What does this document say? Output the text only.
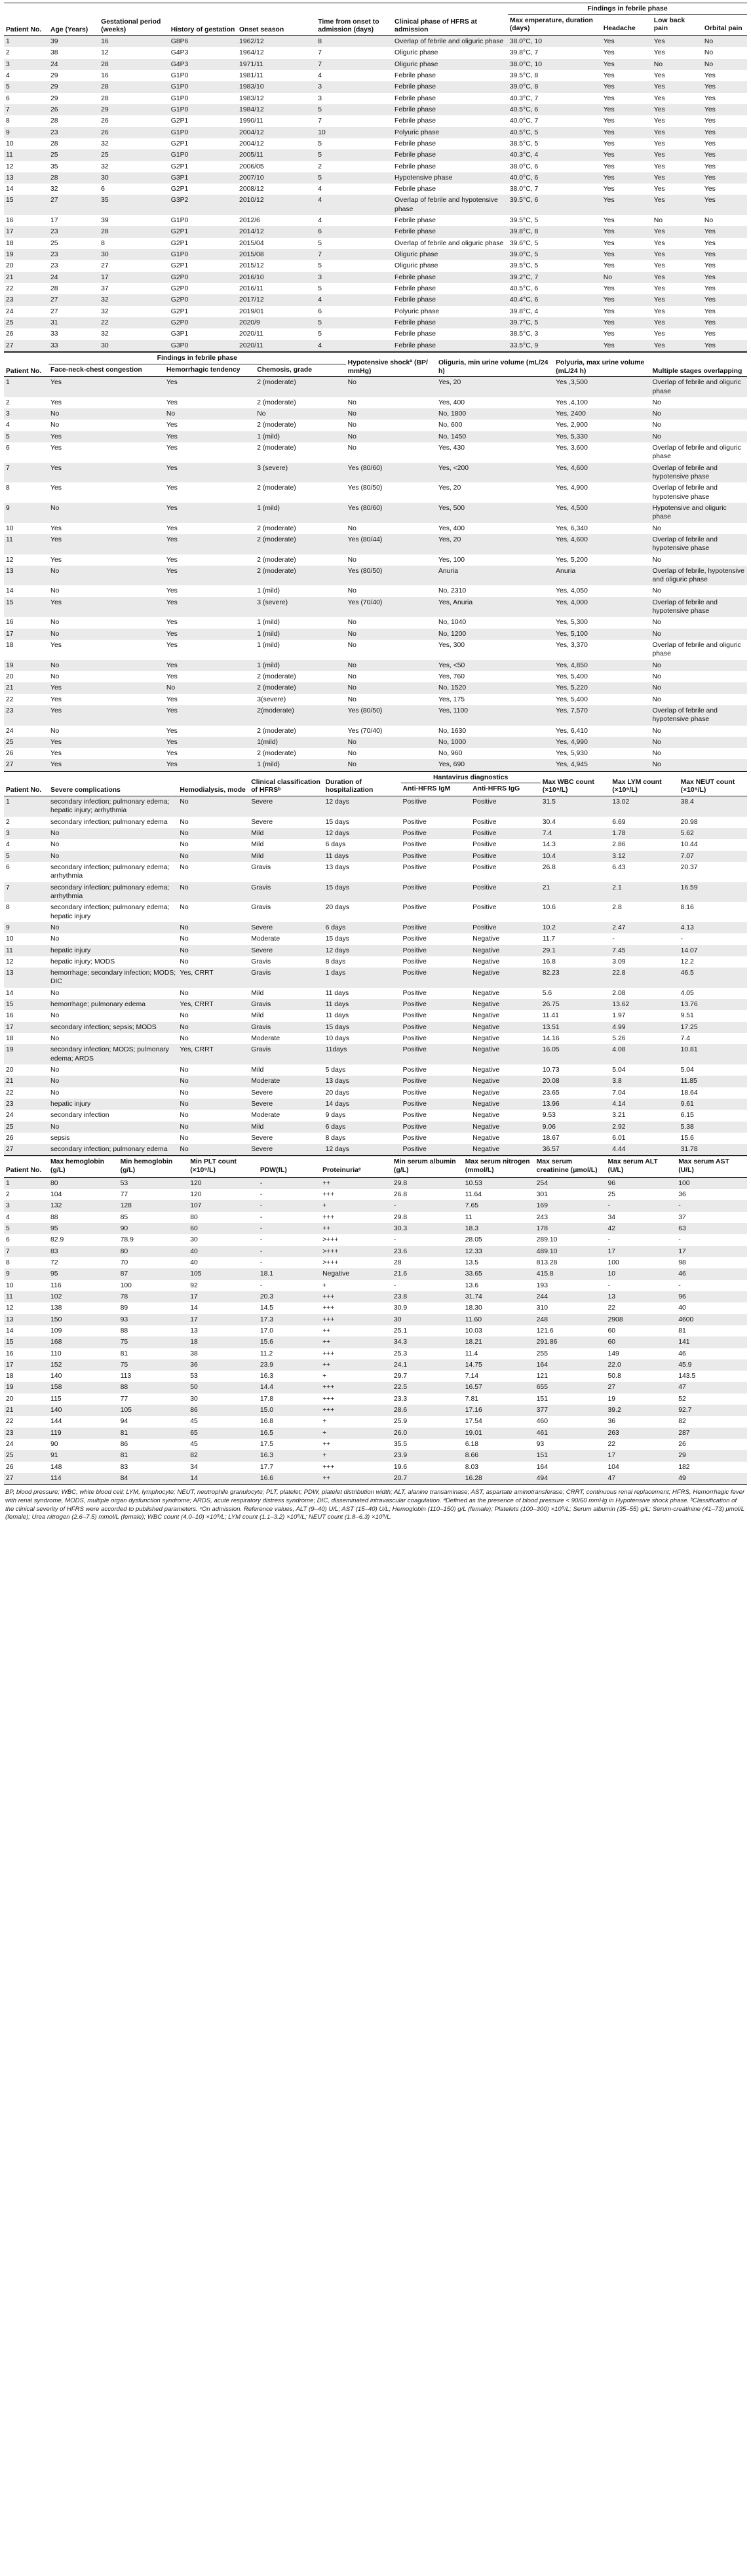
Patient No.	Age (Years)	Gestational period (weeks)	History of gestation	Onset season	Time from onset to admission (days)	Clinical phase of HFRS at admission	Findings in febrile phase			
							Max emperature, duration (days)	Headache	Low back pain	Orbital pain
1	39	16	G8P6	1962/12	8	Overlap of febrile and oliguric phase	38.0°C, 10	Yes	Yes	No
2	38	12	G4P3	1964/12	7	Oliguric phase	39.8°C, 7	Yes	Yes	No
3	24	28	G4P3	1971/11	7	Oliguric phase	38.0°C, 10	Yes	No	No
4	29	16	G1P0	1981/11	4	Febrile phase	39.5°C, 8	Yes	Yes	Yes
5	29	28	G1P0	1983/10	3	Febrile phase	39.0°C, 8	Yes	Yes	Yes
6	29	28	G1P0	1983/12	3	Febrile phase	40.3°C, 7	Yes	Yes	Yes
7	26	29	G1P0	1984/12	5	Febrile phase	40.5°C, 6	Yes	Yes	Yes
8	28	26	G2P1	1990/11	7	Febrile phase	40.0°C, 7	Yes	Yes	Yes
9	23	26	G1P0	2004/12	10	Polyuric phase	40.5°C, 5	Yes	Yes	Yes
10	28	32	G2P1	2004/12	5	Febrile phase	38.5°C, 5	Yes	Yes	Yes
11	25	25	G1P0	2005/11	5	Febrile phase	40.3°C, 4	Yes	Yes	Yes
12	35	32	G2P1	2006/05	2	Febrile phase	38.0°C, 6	Yes	Yes	Yes
13	28	30	G3P1	2007/10	5	Hypotensive phase	40.0°C, 6	Yes	Yes	Yes
14	32	6	G2P1	2008/12	4	Febrile phase	38.0°C, 7	Yes	Yes	Yes
15	27	35	G3P2	2010/12	4	Overlap of febrile and hypotensive phase	39.5°C, 6	Yes	Yes	Yes
16	17	39	G1P0	2012/6	4	Febrile phase	39.5°C, 5	Yes	No	No
17	23	28	G2P1	2014/12	6	Febrile phase	39.8°C, 8	Yes	Yes	Yes
18	25	8	G2P1	2015/04	5	Overlap of febrile and oliguric phase	39.6°C, 5	Yes	Yes	Yes
19	23	30	G1P0	2015/08	7	Oliguric phase	39.0°C, 5	Yes	Yes	Yes
20	23	27	G2P1	2015/12	5	Oliguric phase	39.5°C, 5	Yes	Yes	Yes
21	24	17	G2P0	2016/10	3	Febrile phase	39.2°C, 7	No	Yes	Yes
22	28	37	G2P0	2016/11	5	Febrile phase	40.5°C, 6	Yes	Yes	Yes
23	27	32	G2P0	2017/12	4	Febrile phase	40.4°C, 6	Yes	Yes	Yes
24	27	32	G2P1	2019/01	6	Polyuric phase	39.8°C, 4	Yes	Yes	Yes
25	31	22	G2P0	2020/9	5	Febrile phase	39.7°C, 5	Yes	Yes	Yes
26	33	32	G3P1	2020/11	5	Febrile phase	38.5°C, 3	Yes	Yes	Yes
27	33	30	G3P0	2020/11	4	Febrile phase	33.5°C, 9	Yes	Yes	Yes
Patient No.	Findings in febrile phase			Hypotensive shockª (BP/ mmHg)	Oliguria, min urine volume (mL/24 h)	Polyuria, max urine volume (mL/24 h)	Multiple stages overlapping
	Face-neck-chest congestion	Hemorrhagic tendency	Chemosis, grade				
1	Yes	Yes	2 (moderate)	No	Yes, 20	Yes ,3,500	Overlap of febrile and oliguric phase
2	Yes	Yes	2 (moderate)	No	Yes, 400	Yes ,4,100	No
3	No	No	No	No	No, 1800	Yes, 2400	No
4	No	Yes	2 (moderate)	No	No, 600	Yes, 2,900	No
5	Yes	Yes	1 (mild)	No	No, 1450	Yes, 5,330	No
6	Yes	Yes	2 (moderate)	No	Yes, 430	Yes, 3,600	Overlap of febrile and oliguric phase
7	Yes	Yes	3 (severe)	Yes (80/60)	Yes, <200	Yes, 4,600	Overlap of febrile and hypotensive phase
8	Yes	Yes	2 (moderate)	Yes (80/50)	Yes, 20	Yes, 4,900	Overlap of febrile and hypotensive phase
9	No	Yes	1 (mild)	Yes (80/60)	Yes, 500	Yes, 4,500	Hypotensive and oliguric phase
10	Yes	Yes	2 (moderate)	No	Yes, 400	Yes, 6,340	No
11	Yes	Yes	2 (moderate)	Yes (80/44)	Yes, 20	Yes, 4,600	Overlap of febrile and hypotensive phase
12	Yes	Yes	2 (moderate)	No	Yes, 100	Yes, 5,200	No
13	No	Yes	2 (moderate)	Yes (80/50)	Anuria	Anuria	Overlap of febrile, hypotensive and oliguric phase
14	No	Yes	1 (mild)	No	No, 2310	Yes, 4,050	No
15	Yes	Yes	3 (severe)	Yes (70/40)	Yes, Anuria	Yes, 4,000	Overlap of febrile and hypotensive phase
16	No	Yes	1 (mild)	No	No, 1040	Yes, 5,300	No
17	No	Yes	1 (mild)	No	No, 1200	Yes, 5,100	No
18	Yes	Yes	1 (mild)	No	Yes, 300	Yes, 3,370	Overlap of febrile and oliguric phase
19	No	Yes	1 (mild)	No	Yes, <50	Yes, 4,850	No
20	No	Yes	2 (moderate)	No	Yes, 760	Yes, 5,400	No
21	Yes	No	2 (moderate)	No	No, 1520	Yes, 5,220	No
22	Yes	Yes	3(severe)	No	Yes, 175	Yes, 5,400	No
23	Yes	Yes	2(moderate)	Yes (80/50)	Yes, 1100	Yes, 7,570	Overlap of febrile and hypotensive phase
24	No	Yes	2 (moderate)	Yes (70/40)	No, 1630	Yes, 6,410	No
25	Yes	Yes	1(mild)	No	No, 1000	Yes, 4,990	No
26	Yes	Yes	2 (moderate)	No	No, 960	Yes, 5,930	No
27	Yes	Yes	1 (mild)	No	Yes, 690	Yes, 4,945	No
Patient No.	Severe complications	Hemodialysis, mode	Clinical classification of HFRSᵇ	Duration of hospitalization	Hantavirus diagnostics		Max WBC count (×10⁹/L)	Max LYM count (×10⁹/L)	Max NEUT count (×10⁹/L)
					Anti-HFRS IgM	Anti-HFRS IgG			
1	secondary infection; pulmonary edema; hepatic injury; arrhythmia	No	Severe	12 days	Positive	Positive	31.5	13.02	38.4
2	secondary infection; pulmonary edema	No	Severe	15 days	Positive	Positive	30.4	6.69	20.98
3	No	No	Mild	12 days	Positive	Positive	7.4	1.78	5.62
4	No	No	Mild	6 days	Positive	Positive	14.3	2.86	10.44
5	No	No	Mild	11 days	Positive	Positive	10.4	3.12	7.07
6	secondary infection; pulmonary edema; arrhythmia	No	Gravis	13 days	Positive	Positive	26.8	6.43	20.37
7	secondary infection; pulmonary edema; arrhythmia	No	Gravis	15 days	Positive	Positive	21	2.1	16.59
8	secondary infection; pulmonary edema; hepatic injury	No	Gravis	20 days	Positive	Positive	10.6	2.8	8.16
9	No	No	Severe	6 days	Positive	Positive	10.2	2.47	4.13
10	No	No	Moderate	15 days	Positive	Negative	11.7	-	-
11	hepatic injury	No	Severe	12 days	Positive	Negative	29.1	7.45	14.07
12	hepatic injury; MODS	No	Gravis	8 days	Positive	Negative	16.8	3.09	12.2
13	hemorrhage; secondary infection; MODS; DIC	Yes, CRRT	Gravis	1 days	Positive	Negative	82.23	22.8	46.5
14	No	No	Mild	11 days	Positive	Negative	5.6	2.08	4.05
15	hemorrhage; pulmonary edema	Yes, CRRT	Gravis	11 days	Positive	Negative	26.75	13.62	13.76
16	No	No	Mild	11 days	Positive	Negative	11.41	1.97	9.51
17	secondary infection; sepsis; MODS	No	Gravis	15 days	Positive	Negative	13.51	4.99	17.25
18	No	No	Moderate	10 days	Positive	Negative	14.16	5.26	7.4
19	secondary infection; MODS; pulmonary edema; ARDS	Yes, CRRT	Gravis	11days	Positive	Negative	16.05	4.08	10.81
20	No	No	Mild	5 days	Positive	Negative	10.73	5.04	5.04
21	No	No	Moderate	13 days	Positive	Negative	20.08	3.8	11.85
22	No	No	Severe	20 days	Positive	Negative	23.65	7.04	18.64
23	hepatic injury	No	Severe	14 days	Positive	Negative	13.96	4.14	9.61
24	secondary infection	No	Moderate	9 days	Positive	Negative	9.53	3.21	6.15
25	No	No	Mild	6 days	Positive	Negative	9.06	2.92	5.38
26	sepsis	No	Severe	8 days	Positive	Negative	18.67	6.01	15.6
27	secondary infection; pulmonary edema	No	Severe	12 days	Positive	Negative	36.57	4.44	31.78
Patient No.	Max hemoglobin (g/L)	Min hemoglobin (g/L)	Min PLT count (×10⁹/L)	PDW(fL)	Proteinuriaᶜ	Min serum albumin (g/L)	Max serum nitrogen (mmol/L)	Max serum creatinine (μmol/L)	Max serum ALT (U/L)	Max serum AST (U/L)
1	80	53	120	-	++	29.8	10.53	254	96	100
2	104	77	120	-	+++	26.8	11.64	301	25	36
3	132	128	107	-	+	-	7.65	169	-	-
4	88	85	80	-	+++	29.8	11	243	34	37
5	95	90	60	-	++	30.3	18.3	178	42	63
6	82.9	78.9	30	-	>+++	-	28.05	289.10	-	-
7	83	80	40	-	>+++	23.6	12.33	489.10	17	17
8	72	70	40	-	>+++	28	13.5	813.28	100	98
9	95	87	105	18.1	Negative	21.6	33.65	415.8	10	46
10	116	100	92	-	+	-	13.6	193	-	-
11	102	78	17	20.3	+++	23.8	31.74	244	13	96
12	138	89	14	14.5	+++	30.9	18.30	310	22	40
13	150	93	17	17.3	+++	30	11.60	248	2908	4600
14	109	88	13	17.0	++	25.1	10.03	121.6	60	81
15	168	75	18	15.6	++	34.3	18.21	291.86	60	141
16	110	81	38	11.2	+++	25.3	11.4	255	149	46
17	152	75	36	23.9	++	24.1	14.75	164	22.0	45.9
18	140	113	53	16.3	+	29.7	7.14	121	50.8	143.5
19	158	88	50	14.4	+++	22.5	16.57	655	27	47
20	115	77	30	17.8	+++	23.3	7.81	151	19	52
21	140	105	86	15.0	+++	28.6	17.16	377	39.2	92.7
22	144	94	45	16.8	+	25.9	17.54	460	36	82
23	119	81	65	16.5	+	26.0	19.01	461	263	287
24	90	86	45	17.5	++	35.5	6.18	93	22	26
25	91	81	82	16.3	+	23.9	8.66	151	17	29
26	148	83	34	17.7	+++	19.6	8.03	164	104	182
27	114	84	14	16.6	++	20.7	16.28	494	47	49
BP, blood pressure; WBC, white blood cell; LYM, lymphocyte; NEUT, neutrophile granulocyte; PLT, platelet; PDW, platelet distribution width; ALT, alanine transaminase; AST, aspartate aminotransferase; CRRT, continuous renal replacement; HFRS, Hemorrhagic fever with renal syndrome, MODS, multiple organ dysfunction syndrome; ARDS, acute respiratory distress syndrome; DIC, disseminated intravascular coagulation. ªDefined as the presence of blood pressure < 90/60 mmHg in Hypotensive shock phase. ᵇClassification of the clinical severity of HFRS were accorded to published parameters. ᶜOn admission. Reference values, ALT (9–40) U/L; AST (15–40) U/L; Hemoglobin (110–150) g/L (female); Platelets (100–300) ×10⁹/L; Serum albumin (35–55) g/L; Serum-creatinine (41–73) μmol/L (female); Urea nitrogen (2.6–7.5) mmol/L (female); WBC count (4.0–10) ×10⁹/L; LYM count (1.1–3.2) ×10⁹/L; NEUT count (1.8–6.3) ×10⁹/L.
